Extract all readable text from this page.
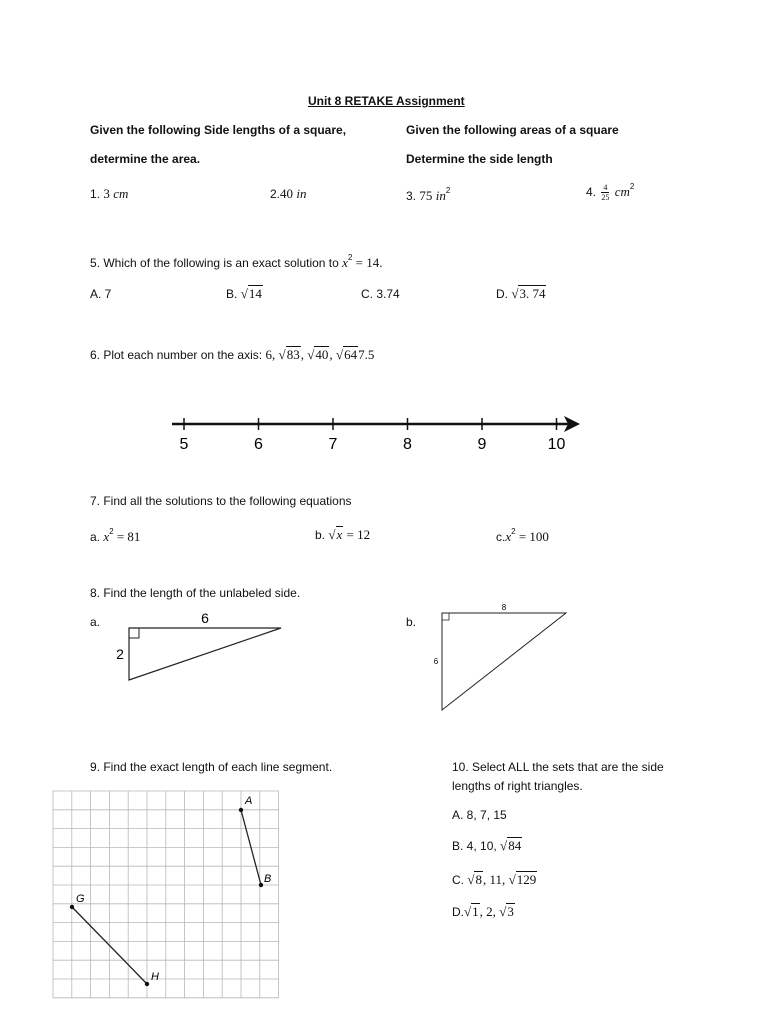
Unit 8 RETAKE Assignment
Given the following Side lengths of a square,
determine the area.
Given the following areas of a square
Determine the side length
1. 3 cm	2.40 in	3. 75 $in^2$	4. $\frac{4}{25} cm^2$
5. Which of the following is an exact solution to $x^2 = 14$.
A. 7	B. √14	C. 3.74	D. √3. 74
6. Plot each number on the axis: 6, √83, √40, √647.5
5	6	7	8	9	10
7. Find all the solutions to the following equations
a. $x^2 = 81$	b. √x = 12	$c.x^2 = 100$
8. Find the length of the unlabeled side.
a.	b.
6
2
8
6
9. Find the exact length of each line segment.
A
B
G
H
10. Select ALL the sets that are the side
lengths of right triangles.
A. 8, 7, 15
B. 4, 10, √84
C. √8, 11, √129
D.√1, 2, √3
